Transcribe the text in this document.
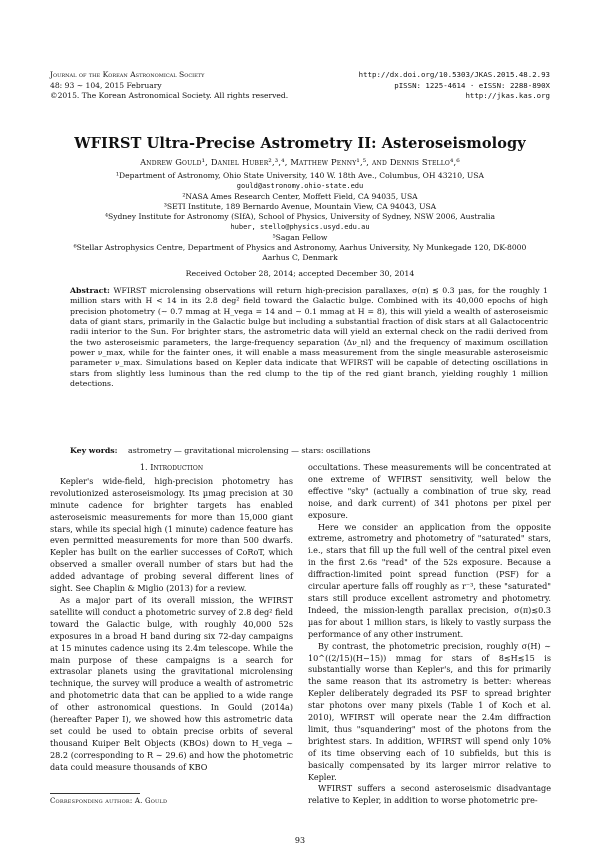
Journal of the Korean Astronomical Society
48: 93 ∼ 104, 2015 February
©2015. The Korean Astronomical Society. All rights reserved.
http://dx.doi.org/10.5303/JKAS.2015.48.2.93
pISSN: 1225-4614 · eISSN: 2288-890X
http://jkas.kas.org
WFIRST Ultra-Precise Astrometry II: Asteroseismology
Andrew Gould¹, Daniel Huber²,³,⁴, Matthew Penny¹,⁵, and Dennis Stello⁴,⁶
¹Department of Astronomy, Ohio State University, 140 W. 18th Ave., Columbus, OH 43210, USA
gould@astronomy.ohio-state.edu
²NASA Ames Research Center, Moffett Field, CA 94035, USA
³SETI Institute, 189 Bernardo Avenue, Mountain View, CA 94043, USA
⁴Sydney Institute for Astronomy (SIfA), School of Physics, University of Sydney, NSW 2006, Australia
huber, stello@physics.usyd.edu.au
⁵Sagan Fellow
⁶Stellar Astrophysics Centre, Department of Physics and Astronomy, Aarhus University, Ny Munkegade 120, DK-8000
Aarhus C, Denmark
Received October 28, 2014; accepted December 30, 2014
Abstract: WFIRST microlensing observations will return high-precision parallaxes, σ(π) ≲ 0.3 µas, for the roughly 1 million stars with H < 14 in its 2.8 deg² field toward the Galactic bulge. Combined with its 40,000 epochs of high precision photometry (∼ 0.7 mmag at H_vega = 14 and ∼ 0.1 mmag at H = 8), this will yield a wealth of asteroseismic data of giant stars, primarily in the Galactic bulge but including a substantial fraction of disk stars at all Galactocentric radii interior to the Sun. For brighter stars, the astrometric data will yield an external check on the radii derived from the two asteroseismic parameters, the large-frequency separation ⟨Δν_nl⟩ and the frequency of maximum oscillation power ν_max, while for the fainter ones, it will enable a mass measurement from the single measurable asteroseismic parameter ν_max. Simulations based on Kepler data indicate that WFIRST will be capable of detecting oscillations in stars from slightly less luminous than the red clump to the tip of the red giant branch, yielding roughly 1 million detections.
Key words: astrometry — gravitational microlensing — stars: oscillations

1. Introduction

Kepler's wide-field, high-precision photometry has revolutionized asteroseismology. Its µmag precision at 30 minute cadence for brighter targets has enabled asteroseismic measurements for more than 15,000 giant stars, while its special high (1 minute) cadence feature has even permitted measurements for more than 500 dwarfs. Kepler has built on the earlier successes of CoRoT, which observed a smaller overall number of stars but had the added advantage of probing several different lines of sight. See Chaplin & Miglio (2013) for a review.

As a major part of its overall mission, the WFIRST satellite will conduct a photometric survey of 2.8 deg² field toward the Galactic bulge, with roughly 40,000 52s exposures in a broad H band during six 72-day campaigns at 15 minutes cadence using its 2.4m telescope. While the main purpose of these campaigns is a search for extrasolar planets using the gravitational microlensing technique, the survey will produce a wealth of astrometric and photometric data that can be applied to a wide range of other astronomical questions. In Gould (2014a) (hereafter Paper I), we showed how this astrometric data set could be used to obtain precise orbits of several thousand Kuiper Belt Objects (KBOs) down to H_vega ∼ 28.2 (corresponding to R ∼ 29.6) and how the photometric data could measure thousands of KBO

occultations. These measurements will be concentrated at one extreme of WFIRST sensitivity, well below the effective "sky" (actually a combination of true sky, read noise, and dark current) of 341 photons per pixel per exposure.

Here we consider an application from the opposite extreme, astrometry and photometry of "saturated" stars, i.e., stars that fill up the full well of the central pixel even in the first 2.6s "read" of the 52s exposure. Because a diffraction-limited point spread function (PSF) for a circular aperture falls off roughly as r⁻³, these "saturated" stars still produce excellent astrometry and photometry. Indeed, the mission-length parallax precision, σ(π)≲0.3 µas for about 1 million stars, is likely to vastly surpass the performance of any other instrument.

By contrast, the photometric precision, roughly σ(H) ∼ 10^((2/15)(H−15)) mmag for stars of 8≲H≲15 is substantially worse than Kepler's, and this for primarily the same reason that its astrometry is better: whereas Kepler deliberately degraded its PSF to spread brighter star photons over many pixels (Table 1 of Koch et al. 2010), WFIRST will operate near the 2.4m diffraction limit, thus "squandering" most of the photons from the brightest stars. In addition, WFIRST will spend only 10% of its time observing each of 10 subfields, but this is basically compensated by its larger mirror relative to Kepler.

WFIRST suffers a second asteroseismic disadvantage relative to Kepler, in addition to worse photometric pre-

Corresponding author: A. Gould
93
